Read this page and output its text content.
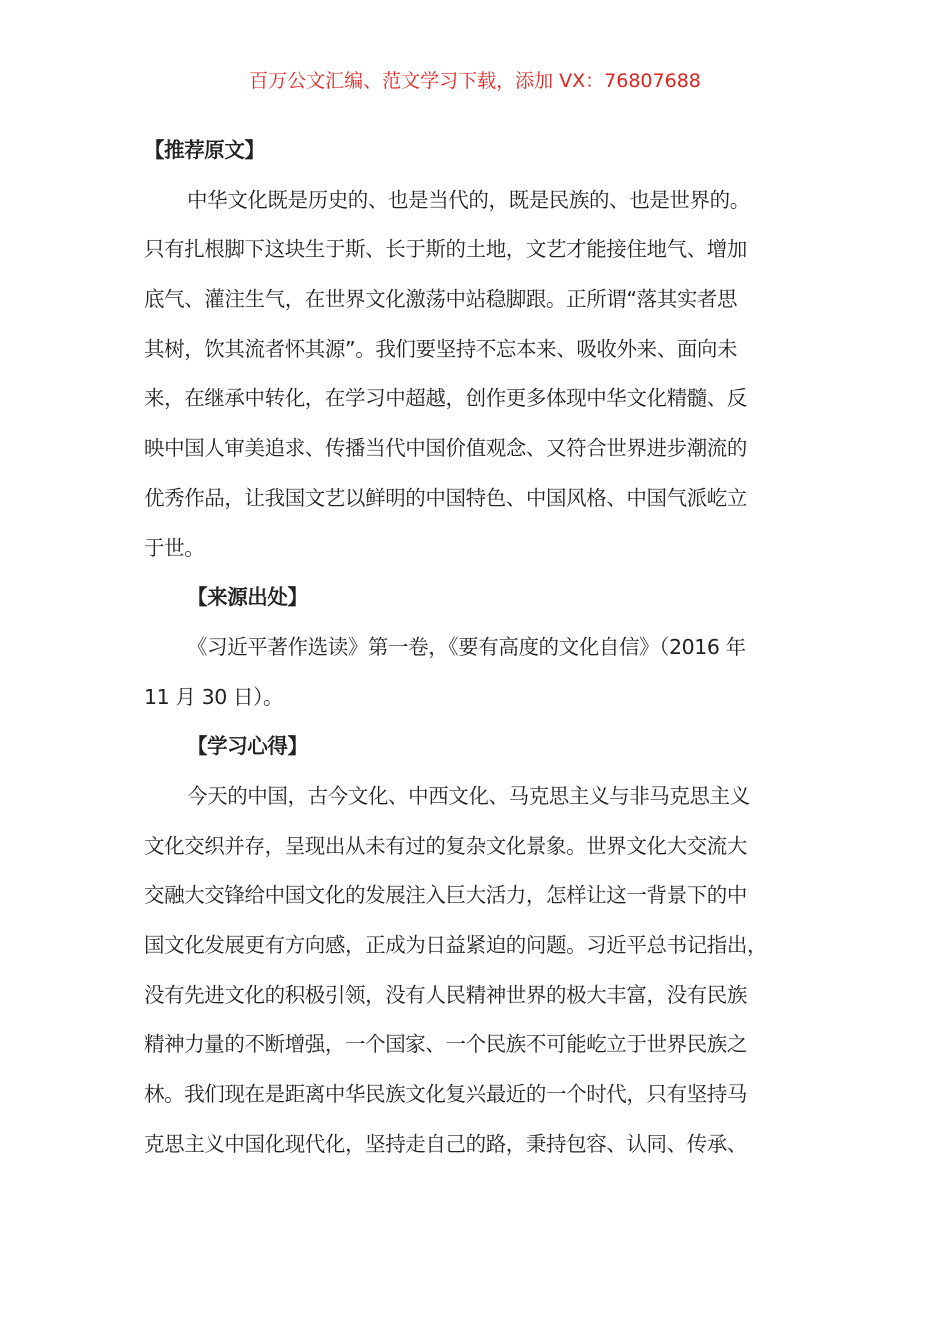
百万公文汇编、范文学习下载，添加 VX：76807688
【推荐原文】
中华文化既是历史的、也是当代的，既是民族的、也是世界的。
只有扎根脚下这块生于斯、长于斯的土地，文艺才能接住地气、增加
底气、灌注生气，在世界文化激荡中站稳脚跟。正所谓“落其实者思
其树，饮其流者怀其源”。我们要坚持不忘本来、吸收外来、面向未
来，在继承中转化，在学习中超越，创作更多体现中华文化精髓、反
映中国人审美追求、传播当代中国价值观念、又符合世界进步潮流的
优秀作品，让我国文艺以鲜明的中国特色、中国风格、中国气派屹立
于世。
【来源出处】
《习近平著作选读》第一卷，《要有高度的文化自信》（2016 年
11 月 30 日）。
【学习心得】
今天的中国，古今文化、中西文化、马克思主义与非马克思主义
文化交织并存，呈现出从未有过的复杂文化景象。世界文化大交流大
交融大交锋给中国文化的发展注入巨大活力，怎样让这一背景下的中
国文化发展更有方向感，正成为日益紧迫的问题。习近平总书记指出，
没有先进文化的积极引领，没有人民精神世界的极大丰富，没有民族
精神力量的不断增强，一个国家、一个民族不可能屹立于世界民族之
林。我们现在是距离中华民族文化复兴最近的一个时代，只有坚持马
克思主义中国化现代化，坚持走自己的路，秉持包容、认同、传承、
